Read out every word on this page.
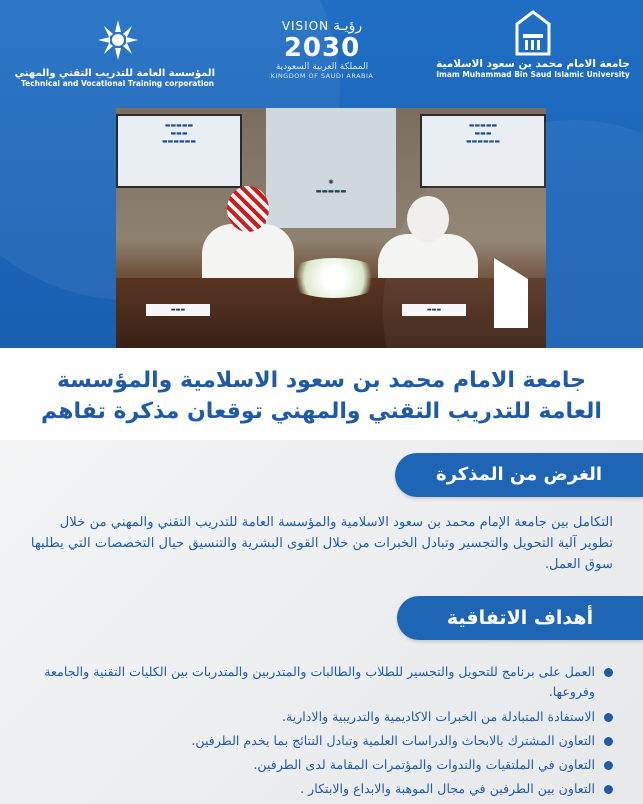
جامعة الامام محمد بن سعود الاسلامية
Imam Muhammad Bin Saud Islamic University
VISION رؤيـة
2030
المملكة العربية السعودية
KINGDOM OF SAUDI ARABIA
المؤسسة العامة للتدريب التقني والمهني
Technical and Vocational Training corporation
▬▬▬▬▬
▬▬▬
▬▬▬▬▬▬
✺
▬▬▬▬▬
▬▬▬▬▬
▬▬▬
▬▬▬▬▬▬
▬▬▬	▬▬▬
جامعة الامام محمد بن سعود الاسلامية والمؤسسة
العامة للتدريب التقني والمهني توقعان مذكرة تفاهم
الغرض من المذكرة
التكامل بين جامعة الإمام محمد بن سعود الاسلامية والمؤسسة العامة للتدريب التقني والمهني من خلال تطوير آلية التحويل والتجسير وتبادل الخبرات من خلال القوى البشرية والتنسيق حيال التخصصات التي يطلبها سوق العمل.
أهداف الاتفاقية
العمل على برنامج للتحويل والتجسير للطلاب والطالبات والمتدربين والمتدربات بين الكليات التقنية والجامعة وفروعها.
الاستفادة المتبادلة من الخبرات الاكاديمية والتدريبية والادارية.
التعاون المشترك بالابحاث والدراسات العلمية وتبادل النتائج بما يخدم الطرفين.
التعاون في الملتقيات والندوات والمؤتمرات المقامة لدى الطرفين.
التعاون بين الطرفين في مجال الموهبة والابداع والابتكار .
